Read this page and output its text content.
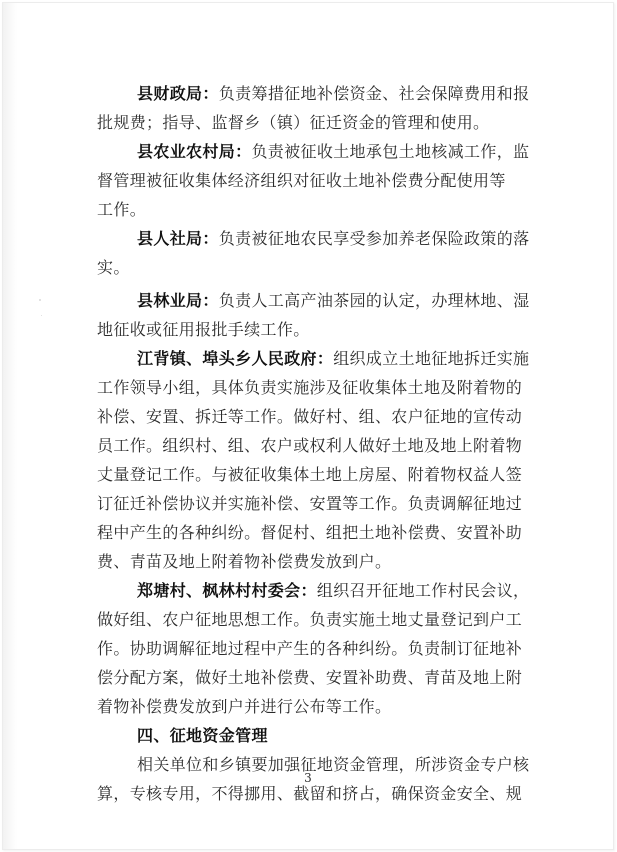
县财政局：负责筹措征地补偿资金、社会保障费用和报
批规费；指导、监督乡（镇）征迁资金的管理和使用。
县农业农村局：负责被征收土地承包土地核减工作，监
督管理被征收集体经济组织对征收土地补偿费分配使用等
工作。
县人社局：负责被征地农民享受参加养老保险政策的落
实。
县林业局：负责人工高产油茶园的认定，办理林地、湿
地征收或征用报批手续工作。
江背镇、埠头乡人民政府：组织成立土地征地拆迁实施
工作领导小组，具体负责实施涉及征收集体土地及附着物的
补偿、安置、拆迁等工作。做好村、组、农户征地的宣传动
员工作。组织村、组、农户或权利人做好土地及地上附着物
丈量登记工作。与被征收集体土地上房屋、附着物权益人签
订征迁补偿协议并实施补偿、安置等工作。负责调解征地过
程中产生的各种纠纷。督促村、组把土地补偿费、安置补助
费、青苗及地上附着物补偿费发放到户。
郑塘村、枫林村村委会：组织召开征地工作村民会议，
做好组、农户征地思想工作。负责实施土地丈量登记到户工
作。协助调解征地过程中产生的各种纠纷。负责制订征地补
偿分配方案，做好土地补偿费、安置补助费、青苗及地上附
着物补偿费发放到户并进行公布等工作。
四、征地资金管理
相关单位和乡镇要加强征地资金管理，所涉资金专户核
算，专核专用，不得挪用、截留和挤占，确保资金安全、规
3
